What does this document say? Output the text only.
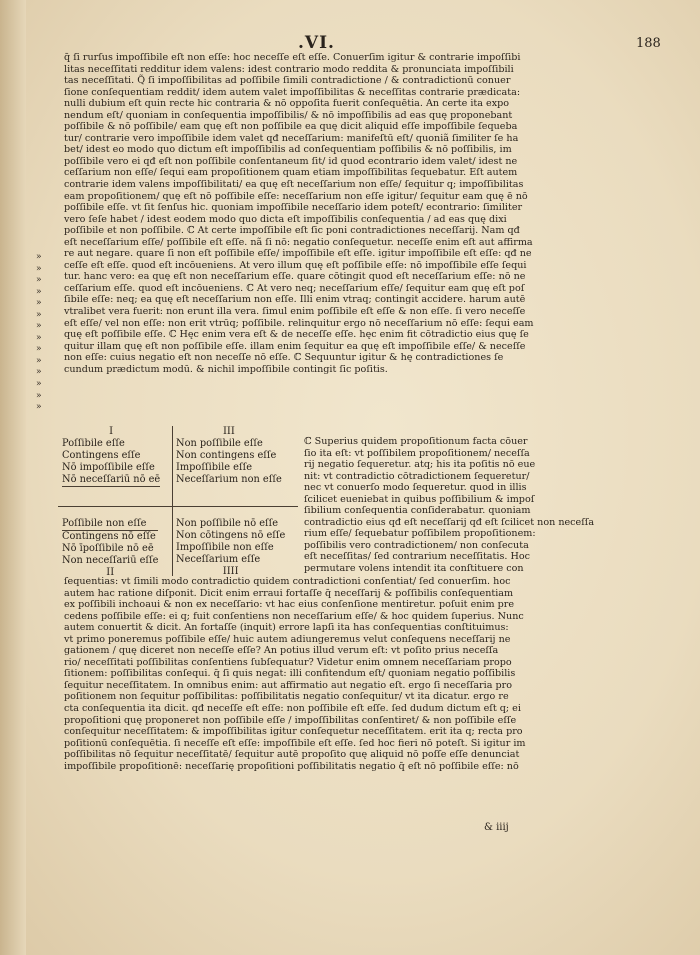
.VI.	188
q̄ ſi rurſus impoſſibile eſt non eſſe: hoc neceſſe eſt eſſe. Conuerſim igitur & contrarie impoſſibi
litas neceſſitati redditur idem valens: idest contrario modo reddita & pronunciata impoſſibili
tas neceſſitati. Q̃ ſi impoſſibilitas ad poſſibile ſimili contradictione / & contradictionū conuer
ſione conſequentiam reddit/ idem autem valet impoſſibilitas & neceſſitas contrarie prædicata:
nulli dubium eſt quin recte hic contraria & nō oppoſita fuerit conſequētia. An certe ita expo
nendum eſt/ quoniam in conſequentia impoſſibilis/ & nō impoſſibilis ad eas quę proponebant
poſſibile & nō poſſibile/ eam quę eſt non poſſibile ea quę dicit aliquid eſſe impoſſibile ſequeba
tur/ contrarie vero impoſſibile idem valet qđ neceſſarium: manifeſtū eſt/ quoniã ſimiliter ſe ha
bet/ idest eo modo quo dictum eſt impoſſibilis ad conſequentiam poſſibilis & nō poſſibilis, im
poſſibile vero ei qđ eſt non poſſibile conſentaneum ſit/ id quod econtrario idem valet/ idest ne
ceſſarium non eſſe/ ſequi eam propoſitionem quam etiam impoſſibilitas ſequebatur. Eſt autem
contrarie idem valens impoſſibilitati/ ea quę eſt neceſſarium non eſſe/ ſequitur q; impoſſibilitas
eam propoſitionem/ quę eſt nō poſſibile eſſe: neceſſarium non eſſe igitur/ ſequitur eam quę ē nō
poſſibile eſſe. vt ſit ſenſus hic. quoniam impoſſibile neceſſario idem poteſt/ econtrario: ſimiliter
vero ſeſe habet / idest eodem modo quo dicta eſt impoſſibilis conſequentia / ad eas quę dixi
poſſibile et non poſſibile. ℂ At certe impoſſibile eſt ſic poni contradictiones neceſſarij. Nam qđ
eſt neceſſarium eſſe/ poſſibile eſt eſſe. nã ſi nō: negatio conſequetur. neceſſe enim eſt aut affirma
re aut negare. quare ſi non eſt poſſibile eſſe/ impoſſibile eſt eſſe. igitur impoſſibile eſt eſſe: qđ ne
ceſſe eſt eſſe. quod eſt incōueniens. At vero illum quę eſt poſſibile eſſe: nō impoſſibile eſſe ſequi
tur. hanc vero: ea quę eſt non neceſſarium eſſe. quare cōtingit quod eſt neceſſarium eſſe: nō ne
ceſſarium eſſe. quod eſt incōueniens. ℂ At vero neq; neceſſarium eſſe/ ſequitur eam quę eſt poſ
ſibile eſſe: neq; ea quę eſt neceſſarium non eſſe. Illi enim vtraq; contingit accidere. harum autē
vtralibet vera fuerit: non erunt illa vera. ſimul enim poſſibile eſt eſſe & non eſſe. ſi vero neceſſe
eſt eſſe/ vel non eſſe: non erit vtrūq; poſſibile. relinquitur ergo nō neceſſarium nō eſſe: ſequi eam
quę eſt poſſibile eſſe. ℂ Hęc enim vera eſt & de neceſſe eſſe. hęc enim fit cōtradictio eius quę ſe
quitur illam quę eſt non poſſibile eſſe. illam enim ſequitur ea quę eſt impoſſibile eſſe/ & neceſſe
non eſſe: cuius negatio eſt non neceſſe nō eſſe. ℂ Sequuntur igitur & hę contradictiones ſe
cundum prædictum modū. & nichil impoſſibile contingit ſic poſitis.
»
»
»
»
»
»
»
»
»
»
»
»
»
»
I
Poſſibile eſſe
Contingens eſſe
Nō impoſſibile eſſe
Nō neceſſariū nō eē
III
Non poſſibile eſſe
Non contingens eſſe
Impoſſibile eſſe
Neceſſarium non eſſe
Poſſibile non eſſe
Contingens nō eſſe
Nō īpoſſibile nō eē
Non neceſſariū eſſe
II
Non poſſibile nō eſſe
Non cōtingens nō eſſe
Impoſſibile non eſſe
Neceſſarium eſſe
IIII
ℂ Superius quidem propoſitionum facta cōuer
ſio ita eſt: vt poſſibilem propoſitionem/ neceſſa
rij negatio ſequeretur. atq; his ita poſitis nō eue
nit: vt contradictio cōtradictionem ſequeretur/
nec vt conuerſo modo ſequeretur. quod in illis
ſcilicet eueniebat in quibus poſſibilium & impoſ
ſibilium conſequentia conſiderabatur. quoniam
contradictio eius qđ eſt neceſſarij qđ eſt ſcilicet non neceſſa
rium eſſe/ ſequebatur poſſibilem propoſitionem:
poſſibilis vero contradictionem/ non conſecuta
eſt neceſſitas/ ſed contrarium neceſſitatis. Hoc
permutare volens intendit ita conſtituere con
ſequentias: vt ſimili modo contradictio quidem contradictioni conſentiat/ ſed conuerſim. hoc
autem hac ratione diſponit. Dicit enim erraui fortaſſe q̄ neceſſarij & poſſibilis conſequentiam
ex poſſibili inchoaui & non ex neceſſario: vt hac eius conſenſione mentiretur. poſuit enim pre
cedens poſſibile eſſe: ei q; fuit conſentiens non neceſſarium eſſe/ & hoc quidem ſuperius. Nunc
autem conuertit & dicit. An fortaſſe (inquit) errore lapſi ita has conſequentias conſtituimus:
vt primo poneremus poſſibile eſſe/ huic autem adiungeremus velut conſequens neceſſarij ne
gationem / quę diceret non neceſſe eſſe? An potius illud verum eſt: vt poſito prius neceſſa
rio/ neceſſitati poſſibilitas conſentiens ſubſequatur? Videtur enim omnem neceſſariam propo
ſitionem: poſſibilitas conſequi. q̄ ſi quis negat: illi confitendum eſt/ quoniam negatio poſſibilis
ſequitur neceſſitatem. In omnibus enim: aut affirmatio aut negatio eſt. ergo ſi neceſſaria pro
poſitionem non ſequitur poſſibilitas: poſſibilitatis negatio conſequitur/ vt ita dicatur. ergo re
cta conſequentia ita dicit. qđ neceſſe eſt eſſe: non poſſibile eſt eſſe. ſed dudum dictum eſt q; ei
propoſitioni quę proponeret non poſſibile eſſe / impoſſibilitas conſentiret/ & non poſſibile eſſe
conſequitur neceſſitatem: & impoſſibilitas igitur conſequetur neceſſitatem. erit ita q; recta pro
poſitionū conſequētia. ſi neceſſe eſt eſſe: impoſſibile eſt eſſe. ſed hoc fieri nō poteſt. Si igitur im
poſſibilitas nō ſequitur neceſſitatē/ ſequitur autē propoſito quę aliquid nō poſſe eſſe denunciat
impoſſibile propoſitionē: neceſſarię propoſitioni poſſibilitatis negatio q̄ eſt nō poſſibile eſſe: nō
& iiij
